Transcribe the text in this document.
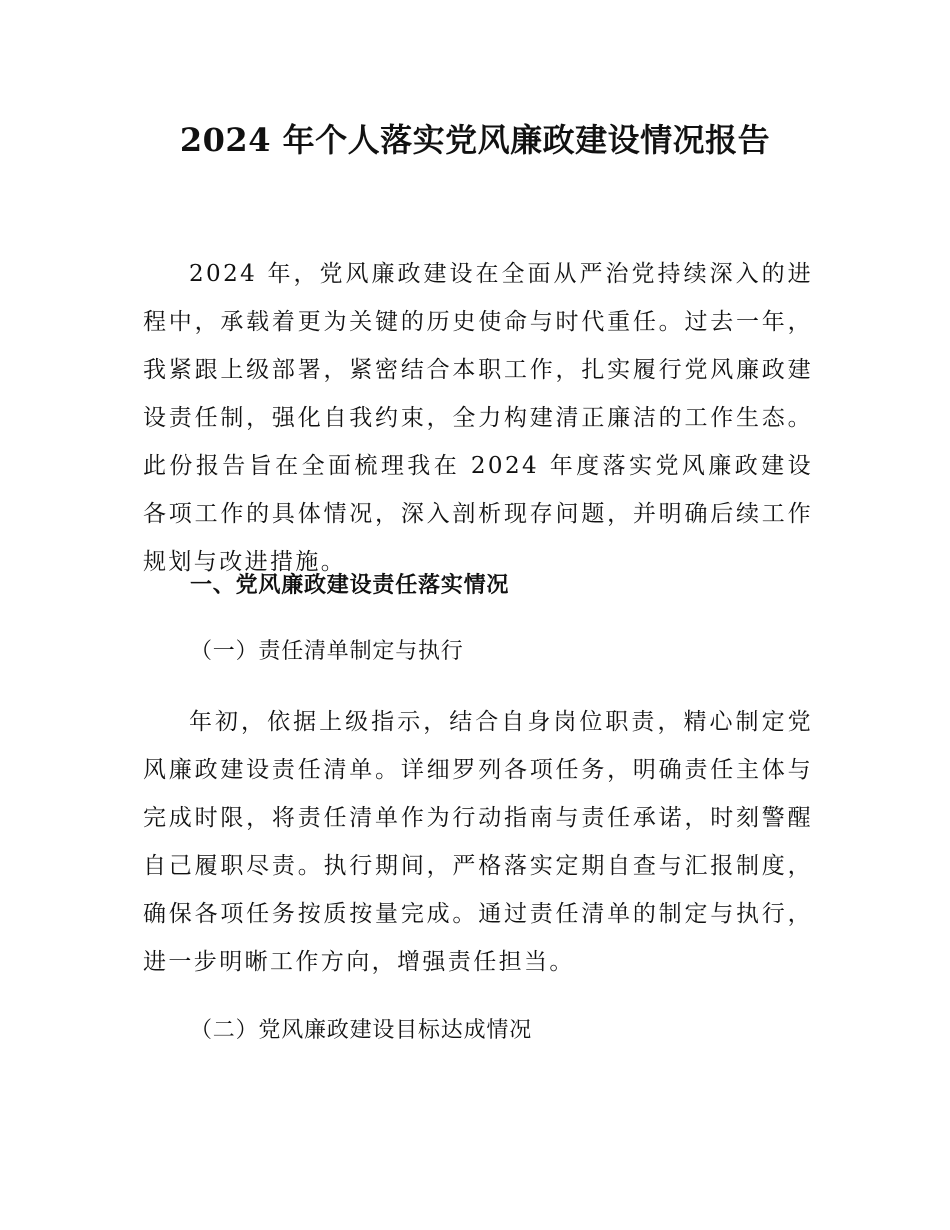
2024 年个人落实党风廉政建设情况报告

2024 年，党风廉政建设在全面从严治党持续深入的进程中，承载着更为关键的历史使命与时代重任。过去一年，我紧跟上级部署，紧密结合本职工作，扎实履行党风廉政建设责任制，强化自我约束，全力构建清正廉洁的工作生态。此份报告旨在全面梳理我在 2024 年度落实党风廉政建设各项工作的具体情况，深入剖析现存问题，并明确后续工作规划与改进措施。

一、党风廉政建设责任落实情况
（一）责任清单制定与执行

年初，依据上级指示，结合自身岗位职责，精心制定党风廉政建设责任清单。详细罗列各项任务，明确责任主体与完成时限，将责任清单作为行动指南与责任承诺，时刻警醒自己履职尽责。执行期间，严格落实定期自查与汇报制度，确保各项任务按质按量完成。通过责任清单的制定与执行，进一步明晰工作方向，增强责任担当。

（二）党风廉政建设目标达成情况
